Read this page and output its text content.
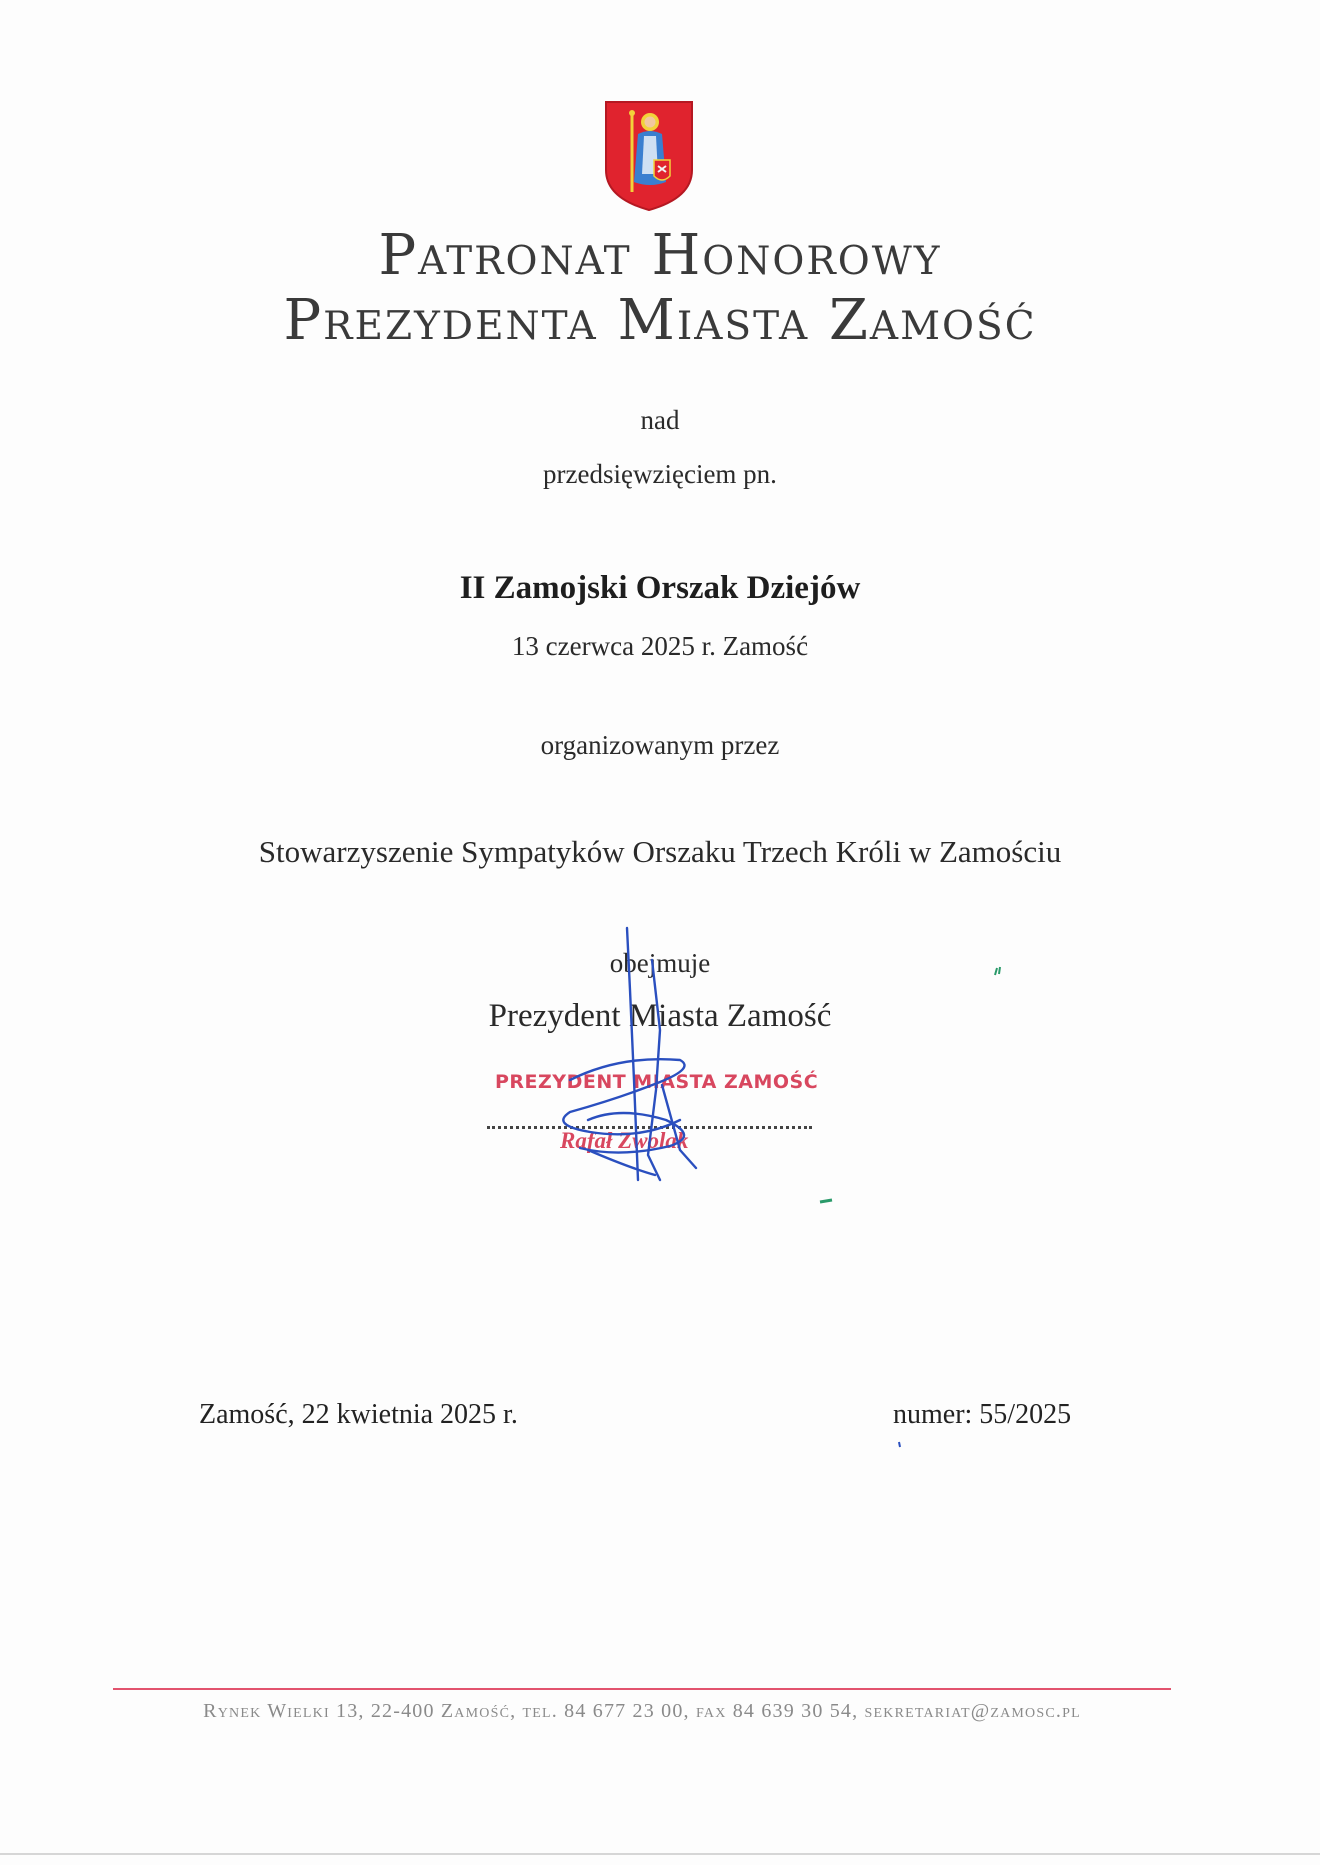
Patronat Honorowy
Prezydenta Miasta Zamość
nad
przedsięwzięciem pn.
II Zamojski Orszak Dziejów
13 czerwca 2025 r. Zamość
organizowanym przez
Stowarzyszenie Sympatyków Orszaku Trzech Króli w Zamościu
obejmuje
Prezydent Miasta Zamość
PREZYDENT MIASTA ZAMOŚĆ
Rafał Zwolak
Zamość, 22 kwietnia 2025 r.	numer: 55/2025
Rynek Wielki 13, 22-400 Zamość, tel. 84 677 23 00, fax 84 639 30 54, sekretariat@zamosc.pl
